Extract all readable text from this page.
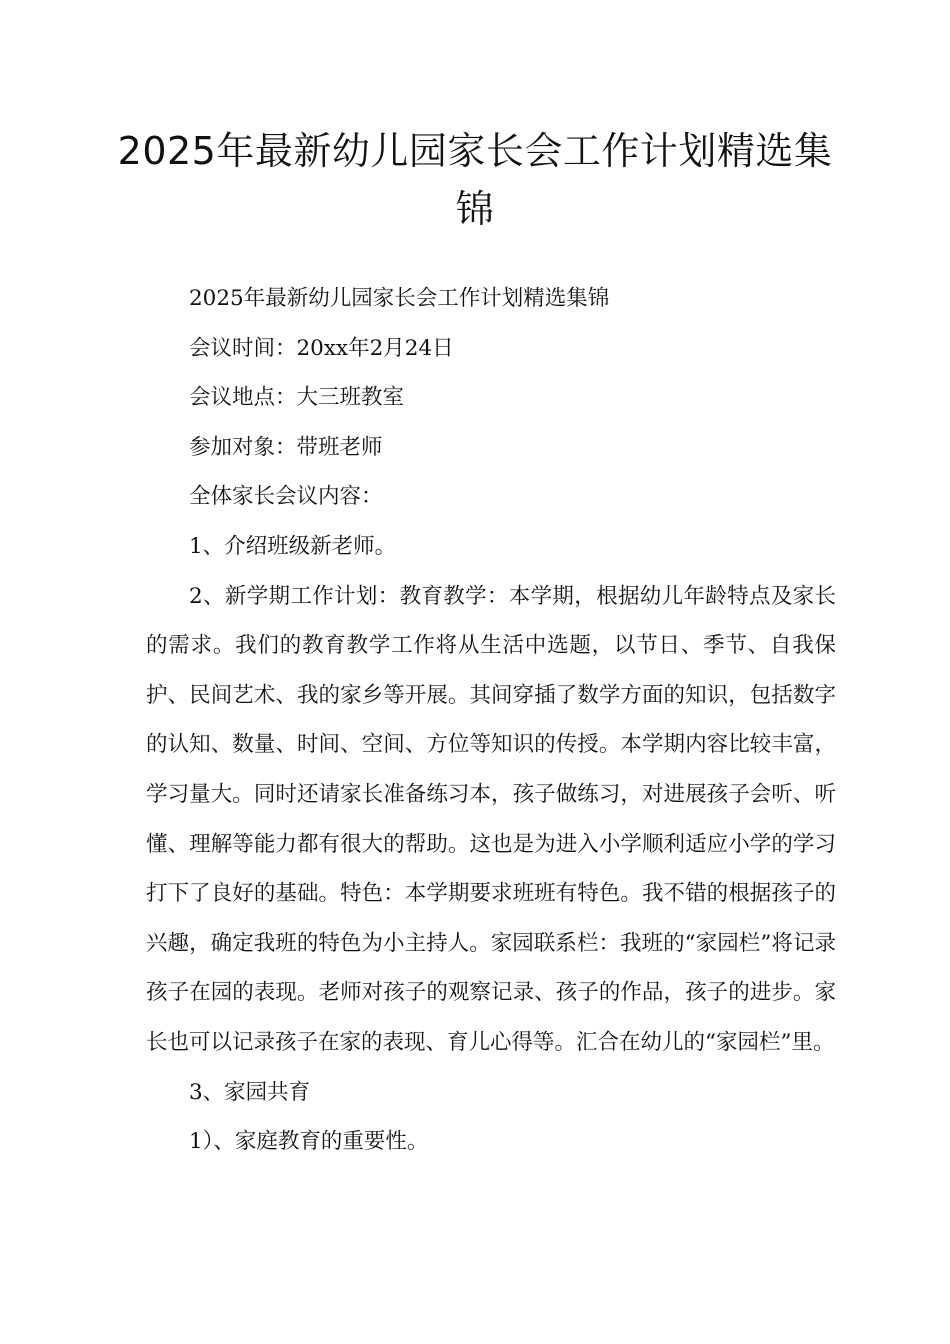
2025年最新幼儿园家长会工作计划精选集锦

2025年最新幼儿园家长会工作计划精选集锦

会议时间：20xx年2月24日

会议地点：大三班教室

参加对象：带班老师

全体家长会议内容：

1、介绍班级新老师。

2、新学期工作计划：教育教学：本学期，根据幼儿年龄特点及家长的需求。我们的教育教学工作将从生活中选题，以节日、季节、自我保护、民间艺术、我的家乡等开展。其间穿插了数学方面的知识，包括数字的认知、数量、时间、空间、方位等知识的传授。本学期内容比较丰富，学习量大。同时还请家长准备练习本，孩子做练习，对进展孩子会听、听懂、理解等能力都有很大的帮助。这也是为进入小学顺利适应小学的学习打下了良好的基础。特色：本学期要求班班有特色。我不错的根据孩子的兴趣，确定我班的特色为小主持人。家园联系栏：我班的“家园栏”将记录孩子在园的表现。老师对孩子的观察记录、孩子的作品，孩子的进步。家长也可以记录孩子在家的表现、育儿心得等。汇合在幼儿的“家园栏”里。

3、家园共育

1）、家庭教育的重要性。
